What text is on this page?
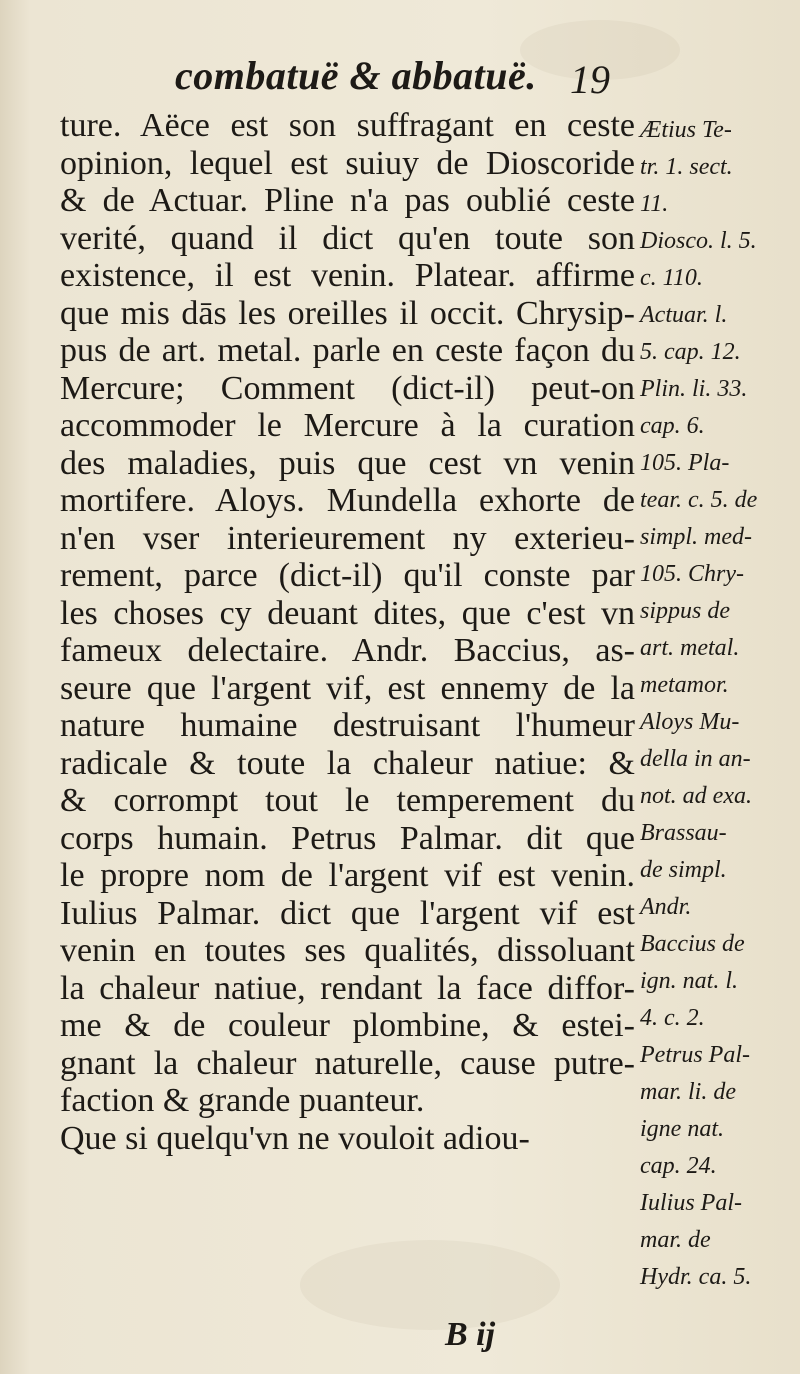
combatuë & abbatuë. 19
ture. Aëce est son suffragant en ceste
opinion, lequel est suiuy de Dioscoride
& de Actuar. Pline n'a pas oublié ceste
verité, quand il dict qu'en toute son
existence, il est venin. Platear. affirme
que mis dās les oreilles il occit. Chrysip-
pus de art. metal. parle en ceste façon du
Mercure; Comment (dict-il) peut-on
accommoder le Mercure à la curation
des maladies, puis que cest vn venin
mortifere. Aloys. Mundella exhorte de
n'en vser interieurement ny exterieu-
rement, parce (dict-il) qu'il conste par
les choses cy deuant dites, que c'est vn
fameux delectaire. Andr. Baccius, as-
seure que l'argent vif, est ennemy de la
nature humaine destruisant l'humeur
radicale & toute la chaleur natiue: &
& corrompt tout le temperement du
corps humain. Petrus Palmar. dit que
le propre nom de l'argent vif est venin.
Iulius Palmar. dict que l'argent vif est
venin en toutes ses qualités, dissoluant
la chaleur natiue, rendant la face diffor-
me & de couleur plombine, & estei-
gnant la chaleur naturelle, cause putre-
faction & grande puanteur.
Que si quelqu'vn ne vouloit adiou-
Ætius Te-
tr. 1. sect.
11.
Diosco. l. 5.
c. 110.
Actuar. l.
5. cap. 12.
Plin. li. 33.
cap. 6.
105. Pla-
tear. c. 5. de
simpl. med-
105. Chry-
sippus de
art. metal.
metamor.
Aloys Mu-
della in an-
not. ad exa.
Brassau-
de simpl.
Andr.
Baccius de
ign. nat. l.
4. c. 2.
Petrus Pal-
mar. li. de
igne nat.
cap. 24.
Iulius Pal-
mar. de
Hydr. ca. 5.
B ij
